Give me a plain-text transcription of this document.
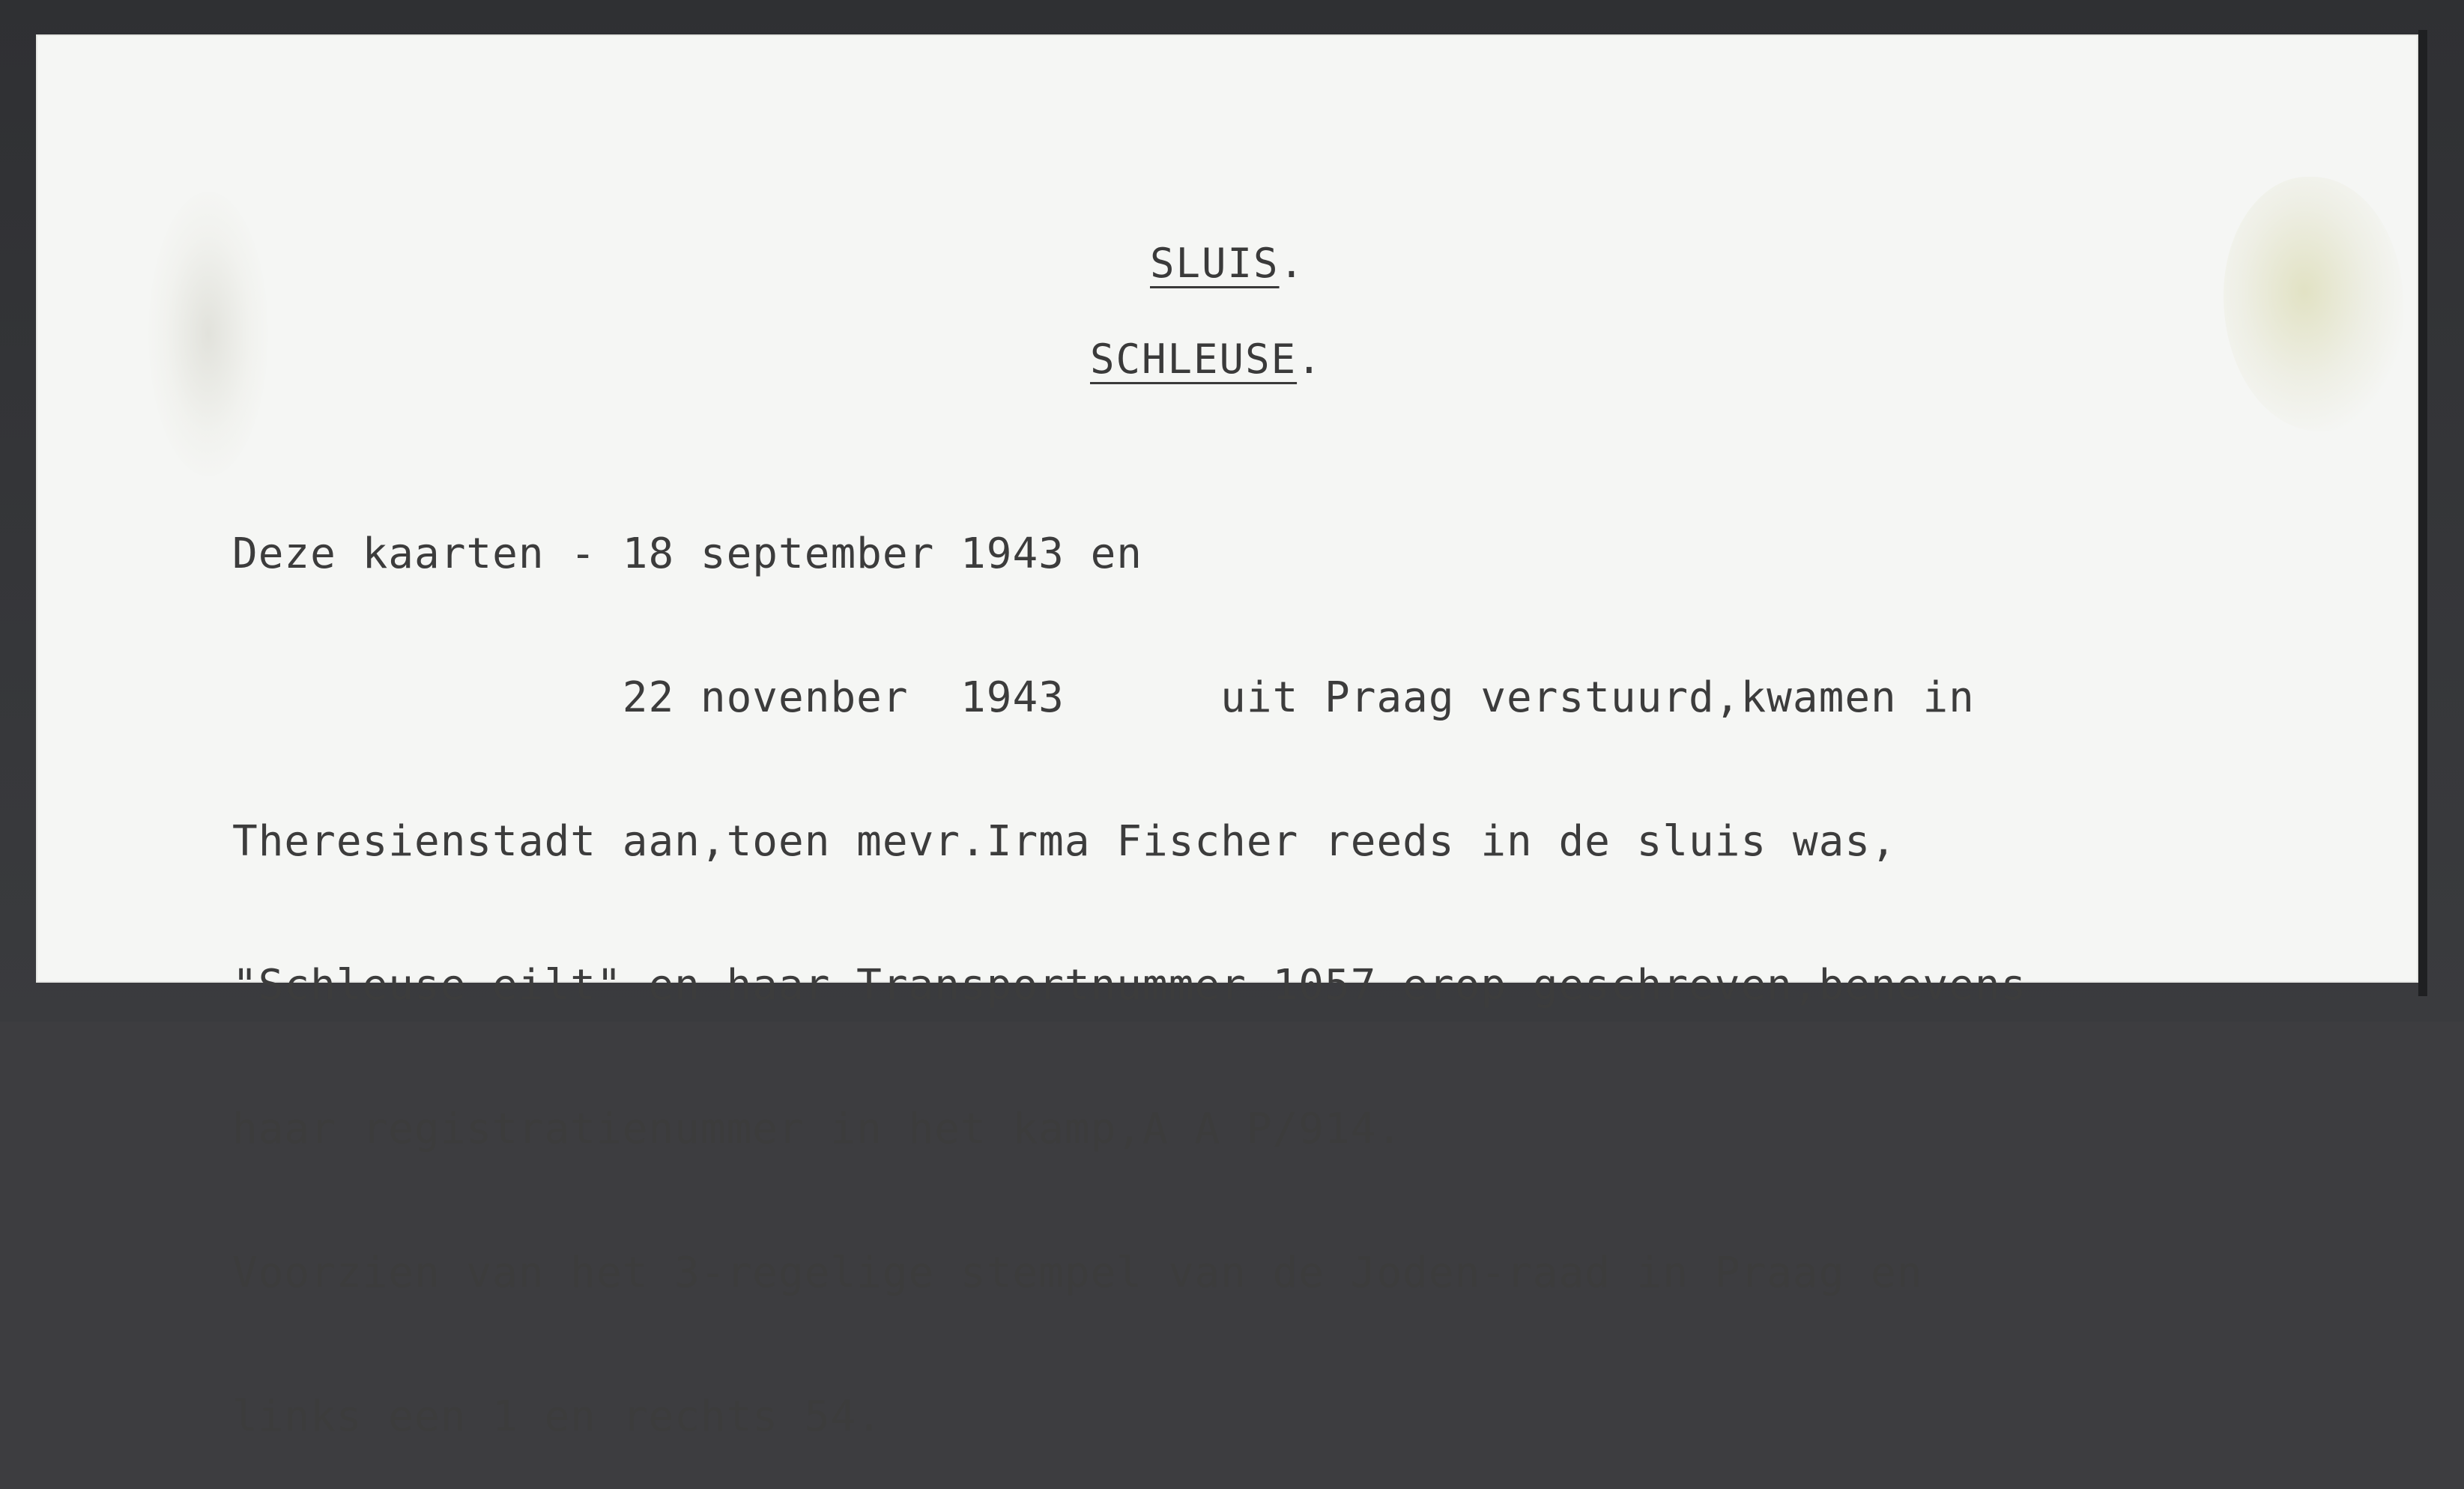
SLUIS.
SCHLEUSE.

Deze kaarten - 18 september 1943 en

22 novenber  1943      uit Praag verstuurd,kwamen in

Theresienstadt aan,toen mevr.Irma Fischer reeds in de sluis was,

"Schleuse eilt" en haar Transportnummer 1057 erop geschreven,benevens

haar registratienummer in het kamp,A A P/914.

Voorzien van het 3-regelige stempel van de Joden-raad in Praag en

links een 1 en rechts 54.
